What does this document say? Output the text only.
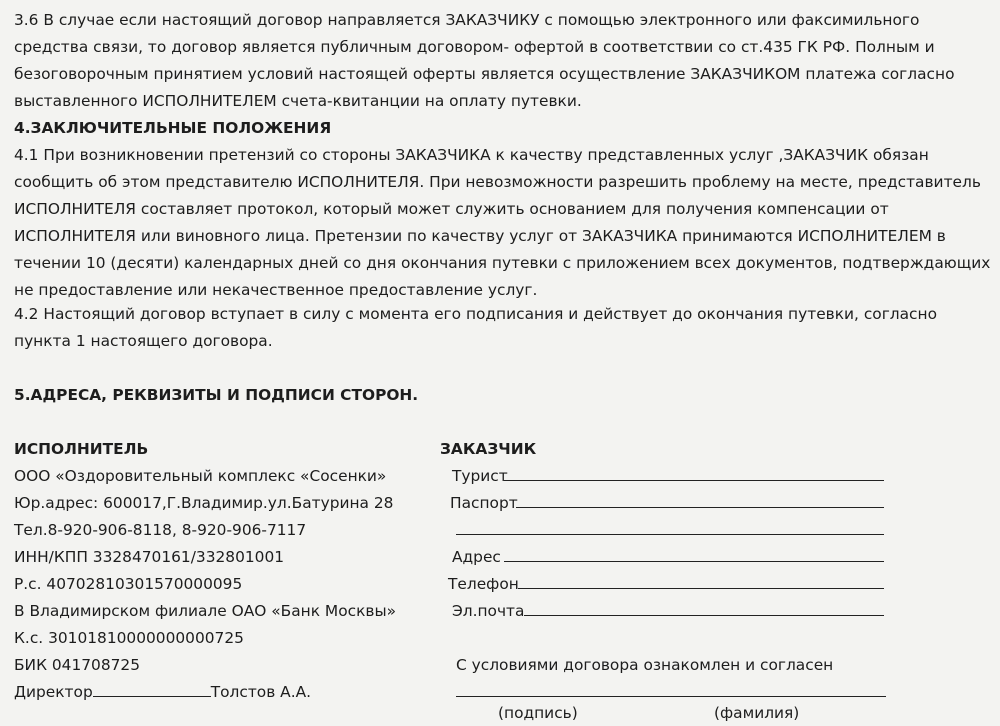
3.6 В случае если настоящий договор направляется ЗАКАЗЧИКУ с помощью электронного или факсимильного средства связи, то договор является публичным договором- офертой в соответствии со ст.435 ГК РФ. Полным и безоговорочным принятием условий настоящей оферты является осуществление ЗАКАЗЧИКОМ платежа согласно выставленного ИСПОЛНИТЕЛЕМ счета-квитанции на оплату путевки.

4.ЗАКЛЮЧИТЕЛЬНЫЕ ПОЛОЖЕНИЯ

4.1 При возникновении претензий со стороны ЗАКАЗЧИКА к качеству представленных услуг ,ЗАКАЗЧИК обязан сообщить об этом представителю ИСПОЛНИТЕЛЯ. При невозможности разрешить проблему на месте, представитель ИСПОЛНИТЕЛЯ составляет протокол, который может служить основанием для получения компенсации от ИСПОЛНИТЕЛЯ или виновного лица. Претензии по качеству услуг от ЗАКАЗЧИКА принимаются ИСПОЛНИТЕЛЕМ в течении 10 (десяти) календарных дней со дня окончания путевки с приложением всех документов, подтверждающих не предоставление или некачественное предоставление услуг.

4.2 Настоящий договор вступает в силу с момента его подписания и действует до окончания путевки, согласно пункта 1 настоящего договора.

5.АДРЕСА, РЕКВИЗИТЫ И ПОДПИСИ СТОРОН.

ИСПОЛНИТЕЛЬ
ООО «Оздоровительный комплекс «Сосенки»
Юр.адрес: 600017,Г.Владимир.ул.Батурина 28
Тел.8-920-906-8118, 8-920-906-7117
ИНН/КПП 3328470161/332801001
Р.с. 40702810301570000095
В Владимирском филиале ОАО «Банк Москвы»
К.с. 30101810000000000725
БИК 041708725
Директор	Толстов А.А.
ЗАКАЗЧИК
Турист
Паспорт
Адрес
Телефон
Эл.почта
С условиями договора ознакомлен и согласен
(подпись)	(фамилия)
